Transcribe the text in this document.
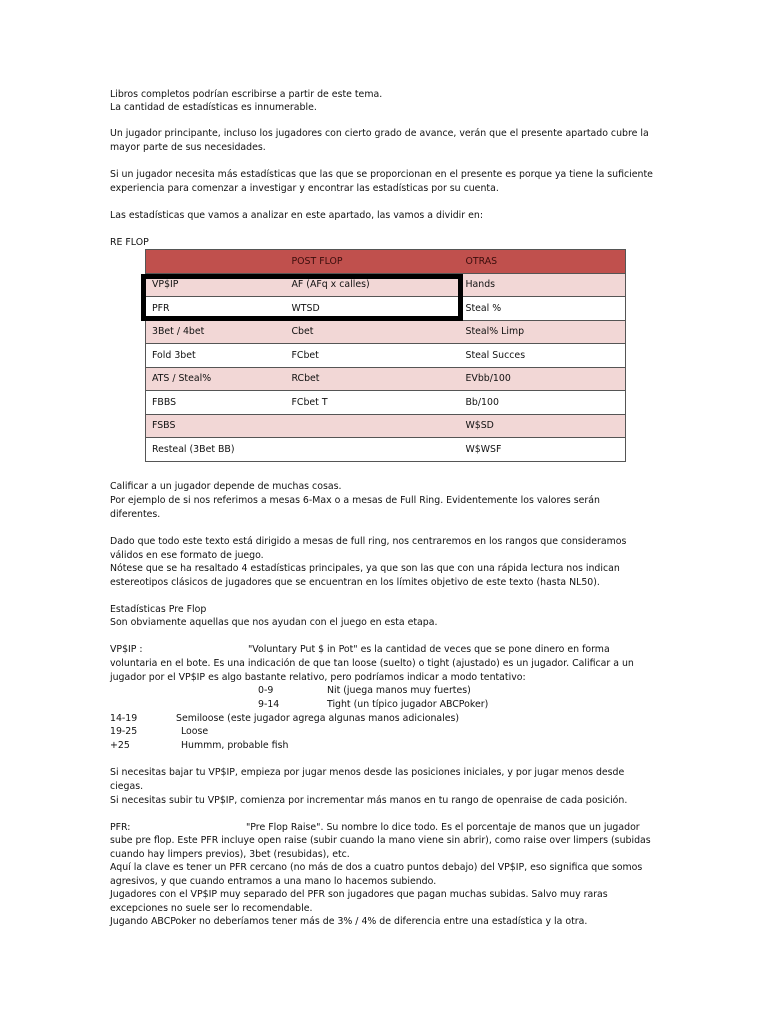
Libros completos podrían escribirse a partir de este tema.
La cantidad de estadísticas es innumerable.
Un jugador principante, incluso los jugadores con cierto grado de avance, verán que el presente apartado cubre la
mayor parte de sus necesidades.
Si un jugador necesita más estadísticas que las que se proporcionan en el presente es porque ya tiene la suficiente
experiencia para comenzar a investigar y encontrar las estadísticas por su cuenta.
Las estadísticas que vamos a analizar en este apartado, las vamos a dividir en:
RE FLOP
	POST FLOP	OTRAS
VP$IP	AF (AFq x calles)	Hands
PFR	WTSD	Steal %
3Bet / 4bet	Cbet	Steal% Limp
Fold 3bet	FCbet	Steal Succes
ATS / Steal%	RCbet	EVbb/100
FBBS	FCbet T	Bb/100
FSBS		W$SD
Resteal (3Bet BB)		W$WSF
Calificar a un jugador depende de muchas cosas.
Por ejemplo de si nos referimos a mesas 6-Max o a mesas de Full Ring. Evidentemente los valores serán
diferentes.
Dado que todo este texto está dirigido a mesas de full ring, nos centraremos en los rangos que consideramos
válidos en ese formato de juego.
Nótese que se ha resaltado 4 estadísticas principales, ya que son las que con una rápida lectura nos indican
estereotipos clásicos de jugadores que se encuentran en los límites objetivo de este texto (hasta NL50).
Estadísticas Pre Flop
Son obviamente aquellas que nos ayudan con el juego en esta etapa.
VP$IP :	"Voluntary Put $ in Pot" es la cantidad de veces que se pone dinero en forma
voluntaria en el bote. Es una indicación de que tan loose (suelto) o tight (ajustado) es un jugador. Calificar a un
jugador por el VP$IP es algo bastante relativo, pero podríamos indicar a modo tentativo:
0-9	Nit (juega manos muy fuertes)
9-14	Tight (un típico jugador ABCPoker)
14-19	Semiloose (este jugador agrega algunas manos adicionales)
19-25	Loose
+25	Hummm, probable fish
Si necesitas bajar tu VP$IP, empieza por jugar menos desde las posiciones iniciales, y por jugar menos desde
ciegas.
Si necesitas subir tu VP$IP, comienza por incrementar más manos en tu rango de openraise de cada posición.
PFR:	"Pre Flop Raise". Su nombre lo dice todo. Es el porcentaje de manos que un jugador
sube pre flop. Este PFR incluye open raise (subir cuando la mano viene sin abrir), como raise over limpers (subidas
cuando hay limpers previos), 3bet (resubidas), etc.
Aquí la clave es tener un PFR cercano (no más de dos a cuatro puntos debajo) del VP$IP, eso significa que somos
agresivos, y que cuando entramos a una mano lo hacemos subiendo.
Jugadores con el VP$IP muy separado del PFR son jugadores que pagan muchas subidas. Salvo muy raras
excepciones no suele ser lo recomendable.
Jugando ABCPoker no deberíamos tener más de 3% / 4% de diferencia entre una estadística y la otra.
